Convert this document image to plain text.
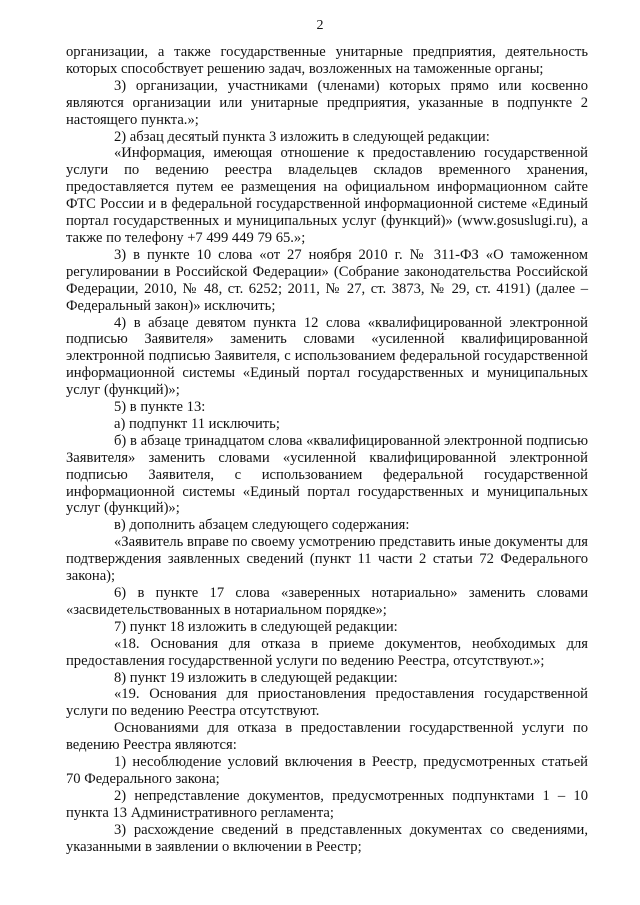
2

организации, а также государственные унитарные предприятия, деятельность которых способствует решению задач, возложенных на таможенные органы;

3) организации, участниками (членами) которых прямо или косвенно являются организации или унитарные предприятия, указанные в подпункте 2 настоящего пункта.»;

2) абзац десятый пункта 3 изложить в следующей редакции:

«Информация, имеющая отношение к предоставлению государственной услуги по ведению реестра владельцев складов временного хранения, предоставляется путем ее размещения на официальном информационном сайте ФТС России и в федеральной государственной информационной системе «Единый портал государственных и муниципальных услуг (функций)» (www.gosuslugi.ru), а также по телефону +7 499 449 79 65.»;

3) в пункте 10 слова «от 27 ноября 2010 г. № 311-ФЗ «О таможенном регулировании в Российской Федерации» (Собрание законодательства Российской Федерации, 2010, № 48, ст. 6252; 2011, № 27, ст. 3873, № 29, ст. 4191) (далее – Федеральный закон)» исключить;

4) в абзаце девятом пункта 12 слова «квалифицированной электронной подписью Заявителя» заменить словами «усиленной квалифицированной электронной подписью Заявителя, с использованием федеральной государственной информационной системы «Единый портал государственных и муниципальных услуг (функций)»;

5) в пункте 13:

а) подпункт 11 исключить;

б) в абзаце тринадцатом слова «квалифицированной электронной подписью Заявителя» заменить словами «усиленной квалифицированной электронной подписью Заявителя, с использованием федеральной государственной информационной системы «Единый портал государственных и муниципальных услуг (функций)»;

в) дополнить абзацем следующего содержания:

«Заявитель вправе по своему усмотрению представить иные документы для подтверждения заявленных сведений (пункт 11 части 2 статьи 72 Федерального закона);

6) в пункте 17 слова «заверенных нотариально» заменить словами «засвидетельствованных в нотариальном порядке»;

7) пункт 18 изложить в следующей редакции:

«18. Основания для отказа в приеме документов, необходимых для предоставления государственной услуги по ведению Реестра, отсутствуют.»;

8) пункт 19 изложить в следующей редакции:

«19. Основания для приостановления предоставления государственной услуги по ведению Реестра отсутствуют.

Основаниями для отказа в предоставлении государственной услуги по ведению Реестра являются:

1) несоблюдение условий включения в Реестр, предусмотренных статьей 70 Федерального закона;

2) непредставление документов, предусмотренных подпунктами 1 – 10 пункта 13 Административного регламента;

3) расхождение сведений в представленных документах со сведениями, указанными в заявлении о включении в Реестр;
